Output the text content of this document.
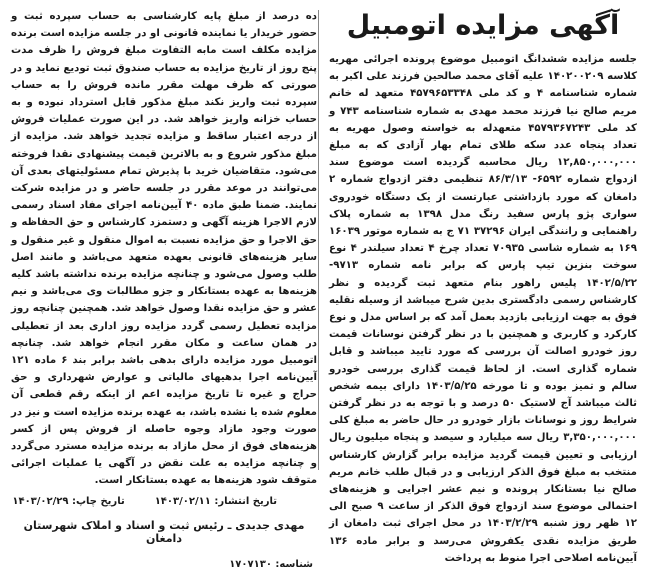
آگهی مزایده اتومبیل

جلسه مزایده ششدانگ اتومبیل موضوع پرونده اجرائی مهریه کلاسه ۱۴۰۲۰۰۲۰۹ علیه آقای محمد صالحین فرزند علی اکبر به شماره شناسنامه ۴ و کد ملی ۴۵۷۹۶۵۳۳۴۸ متعهد له خانم مریم صالح نیا فرزند محمد مهدی به شماره شناسنامه ۷۴۳ و کد ملی ۴۵۷۹۳۶۷۲۴۳ متعهدله به خواسته وصول مهریه به تعداد پنجاه عدد سکه طلای تمام بهار آزادی که به مبلغ ۱۲,۸۵۰,۰۰۰,۰۰۰ ریال محاسبه گردیده است موضوع سند ازدواج شماره ۶۵۹۲- ۸۶/۳/۱۳ تنظیمی دفتر ازدواج شماره ۲ دامغان که مورد بازداشتی عبارتست از یک دستگاه خودروی سواری پژو پارس سفید رنگ مدل ۱۳۹۸ به شماره پلاک راهنمایی و رانندگی ایران ۳۷۲۹۶ ۷۱ ج به شماره موتور ۱۶۰۳۹ ۱۶۹ به شماره شاسی ۷۰۹۳۵ تعداد چرخ ۴ تعداد سیلندر ۴ نوع سوخت بنزین تیپ پارس که برابر نامه شماره ۹۷۱۳- ۱۴۰۲/۵/۲۲ پلیس راهور بنام متعهد ثبت گردیده و نظر کارشناس رسمی دادگستری بدین شرح میباشد از وسیله نقلیه فوق به جهت ارزیابی بازدید بعمل آمد که بر اساس مدل و نوع کارکرد و کاربری و همچنین با در نظر گرفتن نوسانات قیمت روز خودرو اصالت آن بررسی که مورد تایید میباشد و قابل شماره گذاری است. از لحاظ قیمت گذاری بررسی خودرو سالم و تمیز بوده و تا مورخه ۱۴۰۳/۵/۲۵ دارای بیمه شخص ثالث میباشد آج لاستیک ۵۰ درصد و با توجه به در نظر گرفتن شرایط روز و نوسانات بازار خودرو در حال حاضر به مبلغ کلی ۳,۳۵۰,۰۰۰,۰۰۰ ریال سه میلیارد و سیصد و پنجاه میلیون ریال ارزیابی و تعیین قیمت گردید مزایده برابر گزارش کارشناس منتخب به مبلغ فوق الذکر ارزیابی و در قبال طلب خانم مریم صالح نیا بستانکار پرونده و نیم عشر اجرایی و هزینه‌های احتمالی موضوع سند ازدواج فوق الذکر از ساعت ۹ صبح الی ۱۲ ظهر روز شنبه ۱۴۰۳/۲/۲۹ در محل اجرای ثبت دامغان از طریق مزایده نقدی یکفروش می‌رسد و برابر ماده ۱۳۶ آیین‌نامه اصلاحی اجرا منوط به پرداخت

ده درصد از مبلغ پایه کارشناسی به حساب سپرده ثبت و حضور خریدار یا نماینده قانونی او در جلسه مزایده است برنده مزایده مکلف است مابه التفاوت مبلغ فروش را ظرف مدت پنج روز از تاریخ مزایده به حساب صندوق ثبت تودیع نماید و در صورتی که ظرف مهلت مقرر مانده فروش را به حساب سپرده ثبت واریز نکند مبلغ مذکور قابل استرداد نبوده و به حساب خزانه واریز خواهد شد. در این صورت عملیات فروش از درجه اعتبار ساقط و مزایده تجدید خواهد شد. مزایده از مبلغ مذکور شروع و به بالاترین قیمت پیشنهادی نقدا فروخته می‌شود. متقاضیان خرید با پذیرش تمام مسئولیتهای بعدی آن می‌توانند در موعد مقرر در جلسه حاضر و در مزایده شرکت نمایند. ضمنا طبق ماده ۴۰ آیین‌نامه اجرای مفاد اسناد رسمی لازم الاجرا هزینه آگهی و دستمزد کارشناس و حق الحفاظه و حق الاجرا و حق مزایده نسبت به اموال منقول و غیر منقول و سایر هزینه‌های قانونی بعهده متعهد می‌باشد و مانند اصل طلب وصول می‌شود و چنانچه مزایده برنده نداشته باشد کلیه هزینه‌ها به عهده بستانکار و جزو مطالبات وی می‌باشد و نیم عشر و حق مزایده نقدا وصول خواهد شد. همچنین چنانچه روز مزایده تعطیل رسمی گردد مزایده روز اداری بعد از تعطیلی در همان ساعت و مکان مقرر انجام خواهد شد. چنانچه اتومبیل مورد مزایده دارای بدهی باشد برابر بند ۶ ماده ۱۲۱ آیین‌نامه اجرا بدهیهای مالیاتی و عوارض شهرداری و حق حراج و غیره تا تاریخ مزایده اعم از اینکه رقم قطعی آن معلوم شده یا نشده باشد، به عهده برنده مزایده است و نیز در صورت وجود مازاد وجوه حاصله از فروش پس از کسر هزینه‌های فوق از محل مازاد به برنده مزایده مسترد می‌گردد و چنانچه مزایده به علت نقض در آگهی یا عملیات اجرائی متوقف شود هزینه‌ها به عهده بستانکار است.

تاریخ انتشار: ۱۴۰۳/۰۲/۱۱
تاریخ چاپ: ۱۴۰۳/۰۲/۲۹
مهدی جدیدی ـ رئیس ثبت و اسناد و املاک شهرستان دامغان
شناسه: ۱۷۰۷۱۳۰
